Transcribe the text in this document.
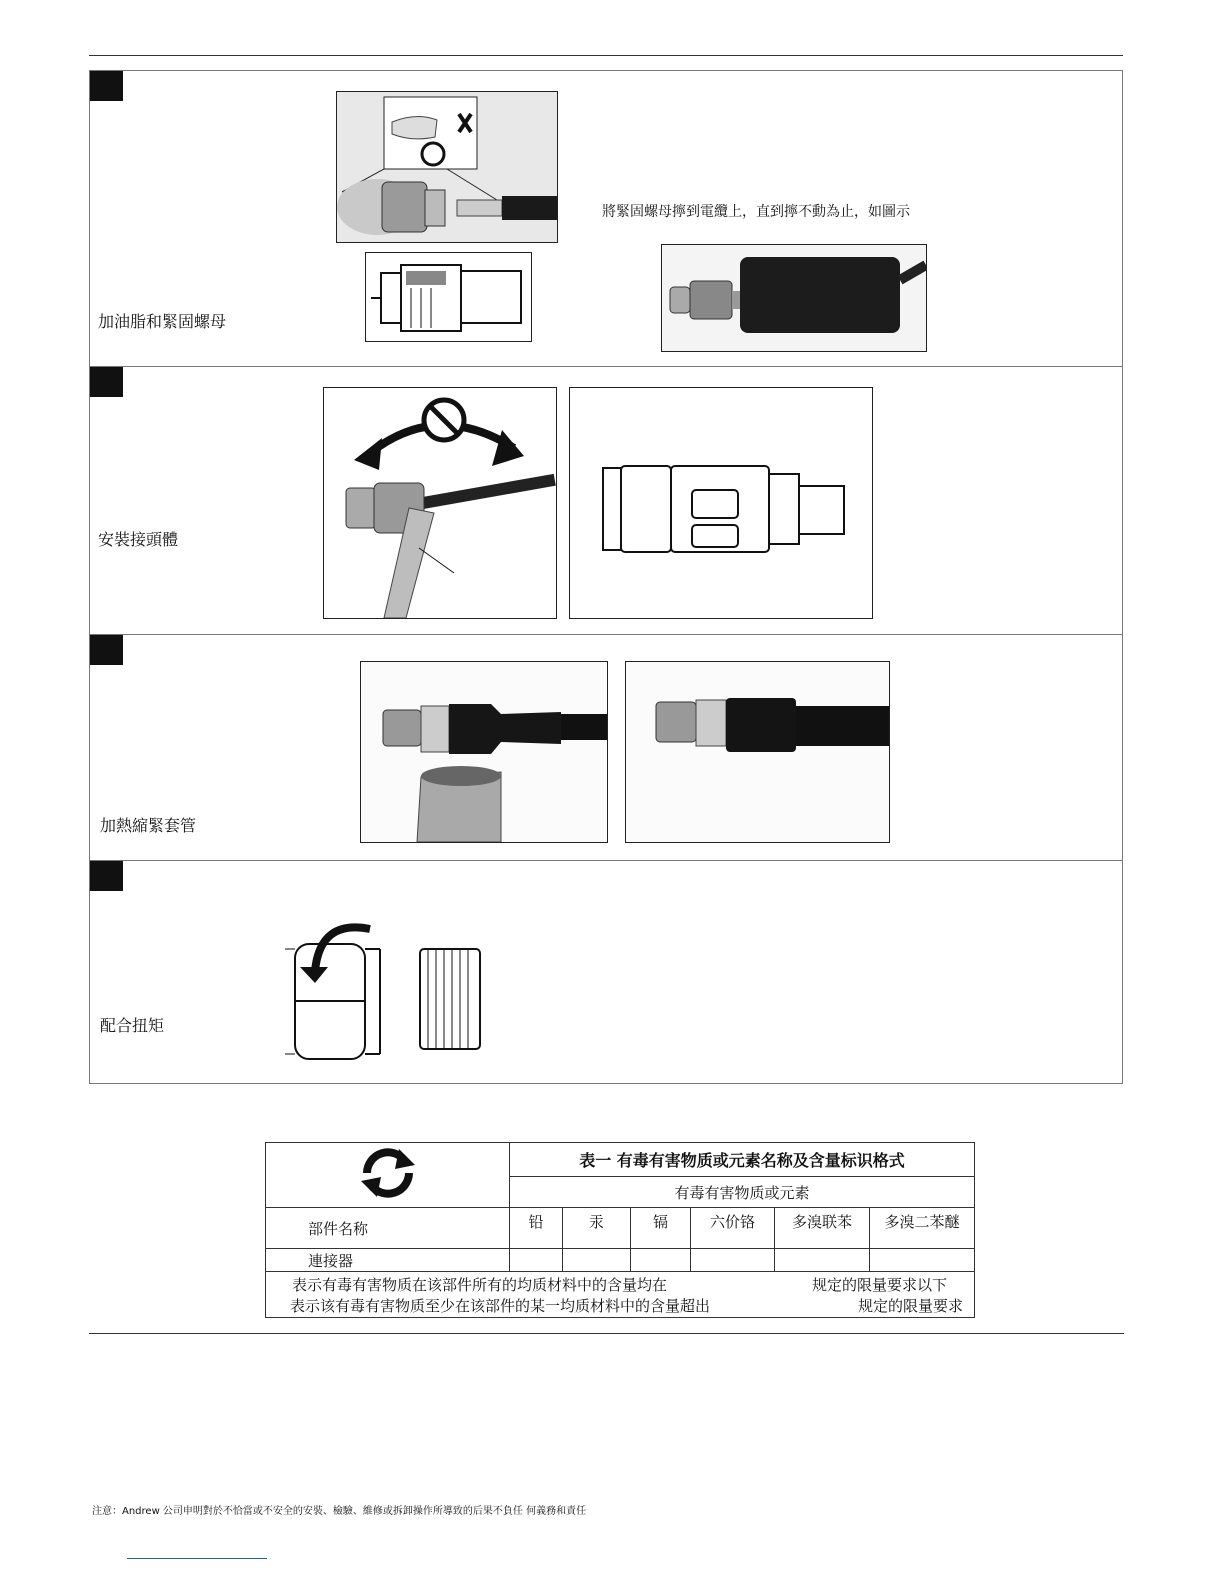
加油脂和緊固螺母
將緊固螺母擰到電纜上，直到擰不動為止，如圖示
安裝接頭體
加熱縮緊套管
配合扭矩
	表一 有毒有害物质或元素名称及含量标识格式					
	有毒有害物质或元素					
部件名称	铅	汞	镉	六价铬	多溴联苯	多溴二苯醚
連接器						

表示有毒有害物质在该部件所有的均质材料中的含量均在 规定的限量要求以下
表示该有毒有害物质至少在该部件的某一均质材料中的含量超出 规定的限量要求						
注意：Andrew 公司申明對於不恰當或不安全的安裝、檢驗、維修或拆卸操作所導致的后果不負任 何義務和責任
